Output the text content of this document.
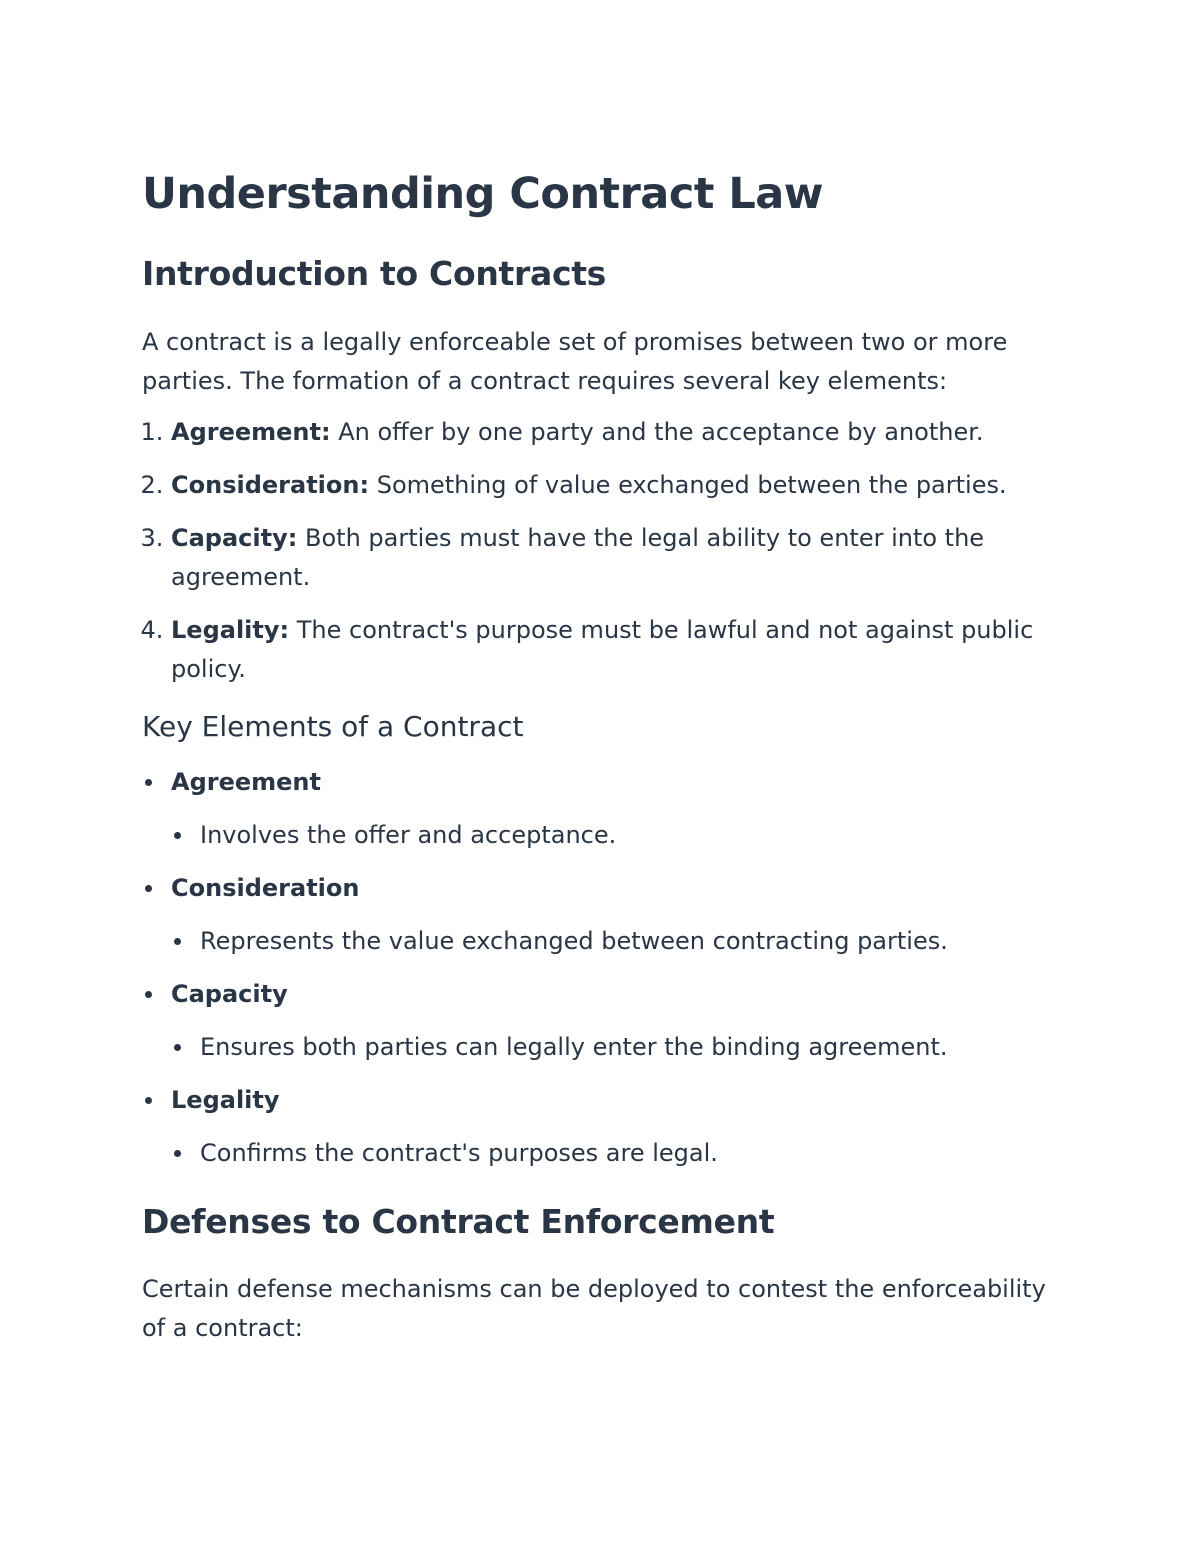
Understanding Contract Law
Introduction to Contracts

A contract is a legally enforceable set of promises between two or more parties. The formation of a contract requires several key elements:

1. Agreement: An offer by one party and the acceptance by another.
2. Consideration: Something of value exchanged between the parties.
3. Capacity: Both parties must have the legal ability to enter into the agreement.
4. Legality: The contract's purpose must be lawful and not against public policy.
Key Elements of a Contract
Agreement
Involves the offer and acceptance.
Consideration
Represents the value exchanged between contracting parties.
Capacity
Ensures both parties can legally enter the binding agreement.
Legality
Confirms the contract's purposes are legal.
Defenses to Contract Enforcement

Certain defense mechanisms can be deployed to contest the enforceability of a contract:
